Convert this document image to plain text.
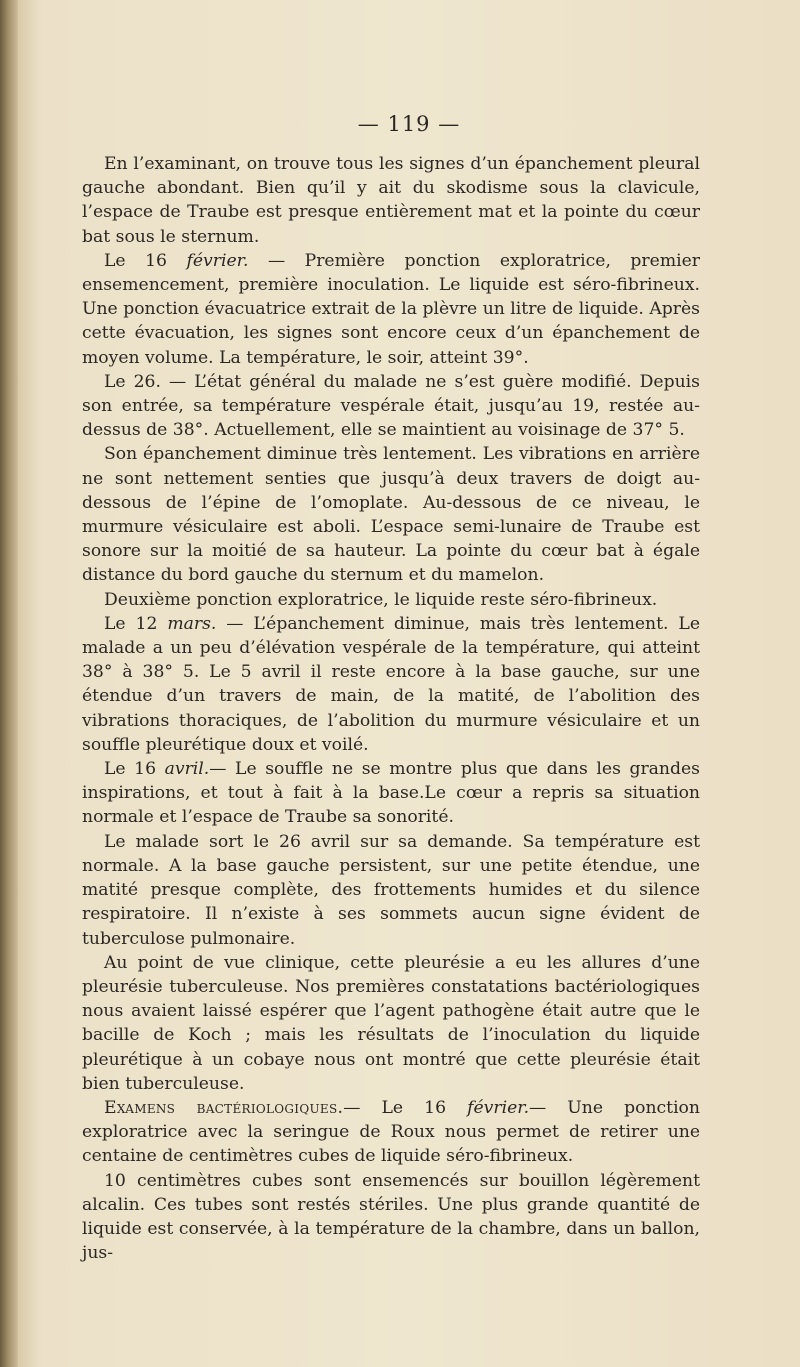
— 119 —

En l’examinant, on trouve tous les signes d’un épanchement pleural gauche abondant. Bien qu’il y ait du skodisme sous la clavicule, l’espace de Traube est presque entièrement mat et la pointe du cœur bat sous le sternum.

Le 16 février. — Première ponction exploratrice, premier ensemencement, première inoculation. Le liquide est séro-fibrineux. Une ponction évacuatrice extrait de la plèvre un litre de liquide. Après cette évacuation, les signes sont encore ceux d’un épanchement de moyen volume. La température, le soir, atteint 39°.

Le 26. — L’état général du malade ne s’est guère modifié. Depuis son entrée, sa température vespérale était, jusqu’au 19, restée au-dessus de 38°. Actuellement, elle se maintient au voisinage de 37° 5.

Son épanchement diminue très lentement. Les vibrations en arrière ne sont nettement senties que jusqu’à deux travers de doigt au-dessous de l’épine de l’omoplate. Au-dessous de ce niveau, le murmure vésiculaire est aboli. L’espace semi-lunaire de Traube est sonore sur la moitié de sa hauteur. La pointe du cœur bat à égale distance du bord gauche du sternum et du mamelon.

Deuxième ponction exploratrice, le liquide reste séro-fibrineux.

Le 12 mars. — L’épanchement diminue, mais très lentement. Le malade a un peu d’élévation vespérale de la température, qui atteint 38° à 38° 5. Le 5 avril il reste encore à la base gauche, sur une étendue d’un travers de main, de la matité, de l’abolition des vibrations thoraciques, de l’abolition du murmure vésiculaire et un souffle pleurétique doux et voilé.

Le 16 avril.— Le souffle ne se montre plus que dans les grandes inspirations, et tout à fait à la base.Le cœur a repris sa situation normale et l’espace de Traube sa sonorité.

Le malade sort le 26 avril sur sa demande. Sa température est normale. A la base gauche persistent, sur une petite étendue, une matité presque complète, des frottements humides et du silence respiratoire. Il n’existe à ses sommets aucun signe évident de tuberculose pulmonaire.

Au point de vue clinique, cette pleurésie a eu les allures d’une pleurésie tuberculeuse. Nos premières constatations bactériologiques nous avaient laissé espérer que l’agent pathogène était autre que le bacille de Koch ; mais les résultats de l’inoculation du liquide pleurétique à un cobaye nous ont montré que cette pleurésie était bien tuberculeuse.

Examens bactériologiques.— Le 16 février.— Une ponction exploratrice avec la seringue de Roux nous permet de retirer une centaine de centimètres cubes de liquide séro-fibrineux.

10 centimètres cubes sont ensemencés sur bouillon légèrement alcalin. Ces tubes sont restés stériles. Une plus grande quantité de liquide est conservée, à la température de la chambre, dans un ballon, jus-
